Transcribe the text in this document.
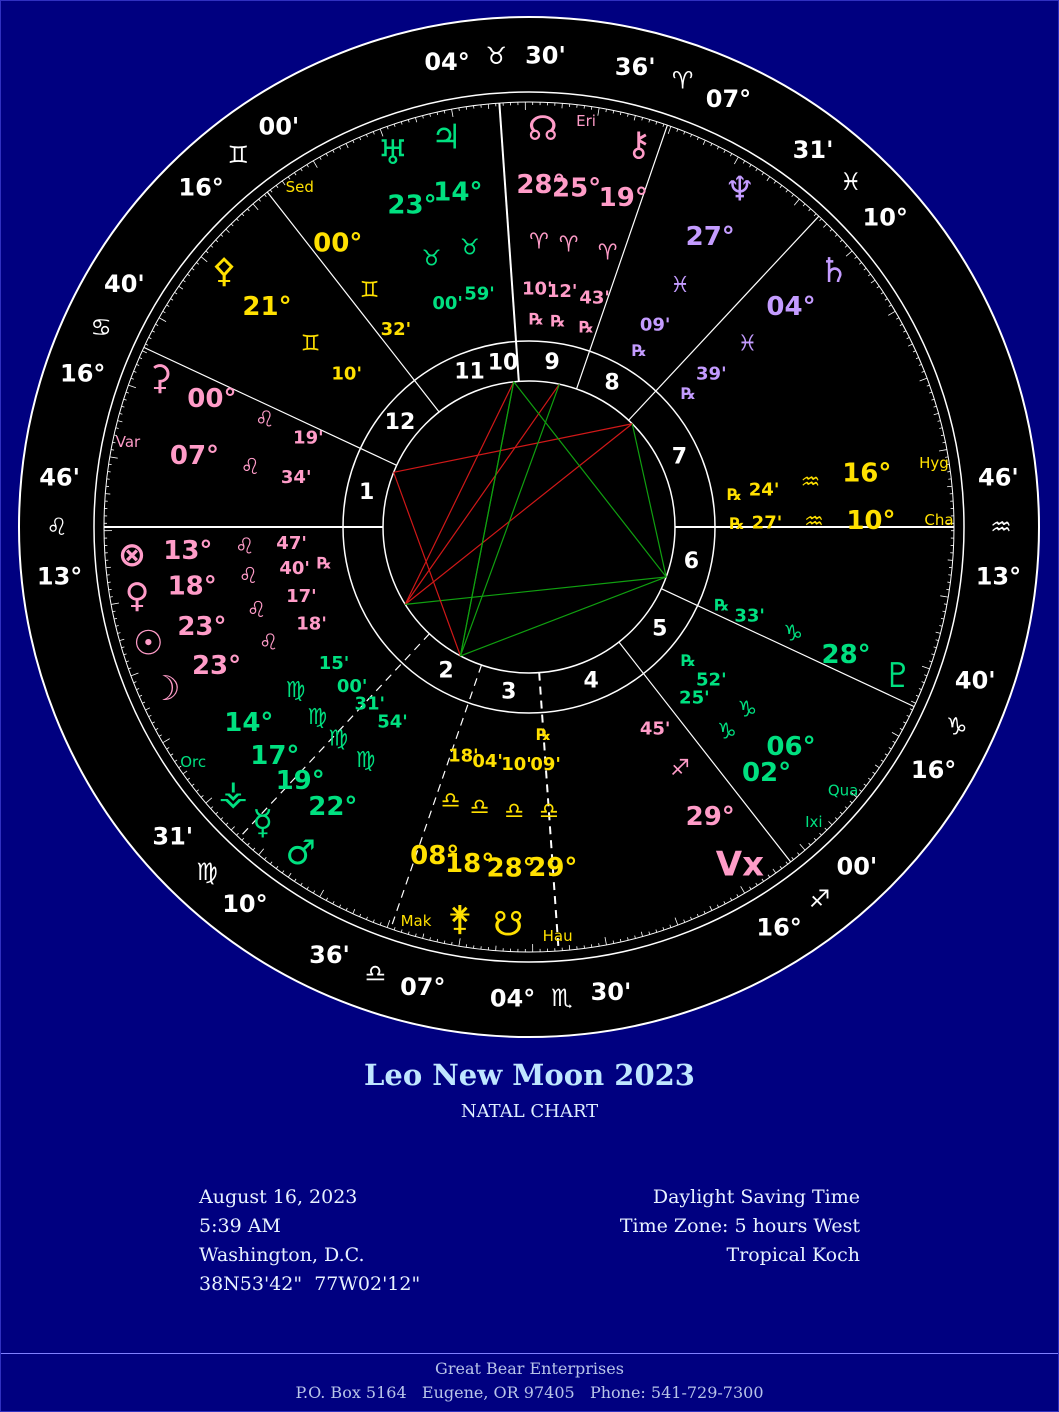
10 9
8
7
6
5
4
3
2
1
12
11
04° ♉ 30'
07°
♈
36'
10°
♓
31'
13°
♒
46'
16°
♑
40'
16°
♐
00'
04° ♏ 30'
07°
♎
36'
10°
♍
31'
13°
♌
46'
16°
♋
40'
16°
♊
00'
♅
23°
♉
00'
♃
14°
♉
59'
Sed
00°
♊
32'
☊
28°
♈
10'
℞
Eri
25°
♈
12'
℞
⚷
19°
♈
43'
℞
♆
27°
♓
09'
℞
♄
04°
♓
39'
℞
Hyg
16°
♒
24'
℞
Cha
10°
♒
27'
℞
♇
28°
♑
33'
℞
Qua
06°
♑
52'
℞
Ixi
02°
♑
25'
Vx
29°
♐
45'
Hau
29°
♎
09'
℞
☋
28°
♎
10'
⚵
18°
♎
04'
Mak
08°
♎
18'
♂
22°
♍
54'
☿
19°
♍
31'
⚶
17°
♍
00'
Orc
14°
♍
15'
☽
23°
♌
18'
☉ 23°
♌
17'
♀ 18° ♌ 40' ℞
⊗ 13° ♌ 47'
Var 07° ♌ 34'
⚳
00°
♌
19'
⚴
21°
♊
10'
Leo New Moon 2023
NATAL CHART
August 16, 2023
5:39 AM
Washington, D.C.
38N53'42"  77W02'12"
Daylight Saving Time
Time Zone: 5 hours West
Tropical Koch
Great Bear Enterprises
P.O. Box 5164   Eugene, OR 97405   Phone: 541-729-7300
